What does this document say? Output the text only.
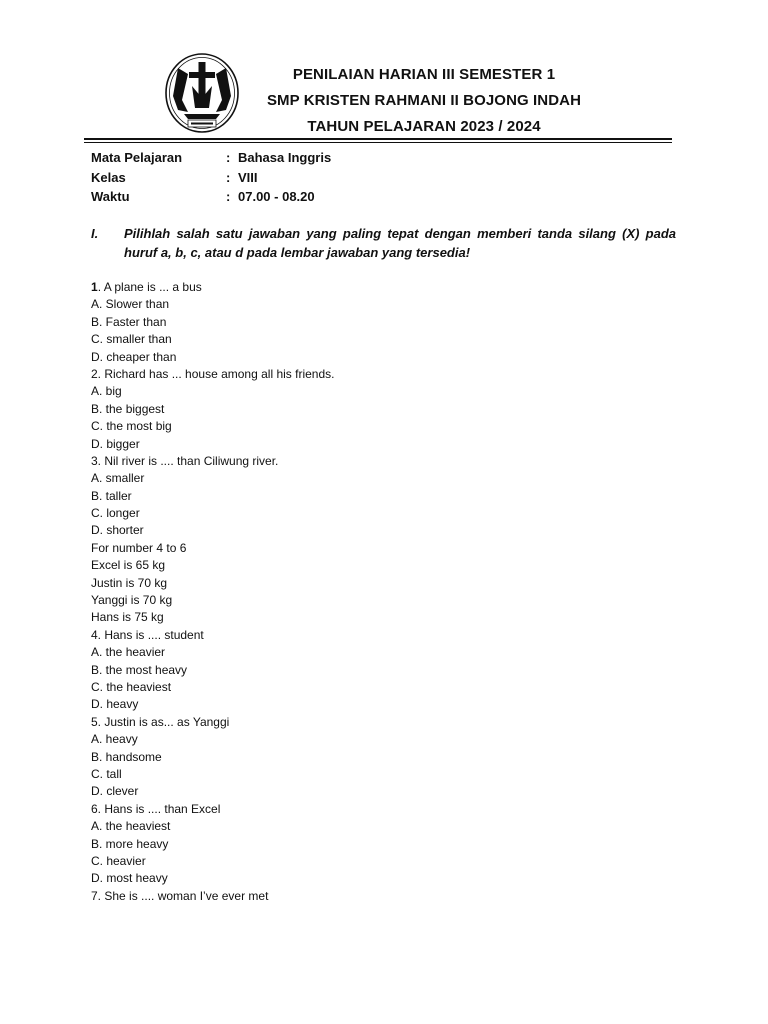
PENILAIAN HARIAN III SEMESTER 1
SMP KRISTEN RAHMANI II BOJONG INDAH
TAHUN PELAJARAN 2023 / 2024
Mata Pelajaran	: Bahasa Inggris
Kelas	: VIII
Waktu	: 07.00 - 08.20
I. Pilihlah salah satu jawaban yang paling tepat dengan memberi tanda silang (X) pada huruf a, b, c, atau d pada lembar jawaban yang tersedia!
1. A plane is ... a bus
A. Slower than
B. Faster than
C. smaller than
D. cheaper than
2. Richard has ... house among all his friends.
A. big
B. the biggest
C. the most big
D. bigger
3. Nil river is .... than Ciliwung river.
A. smaller
B. taller
C. longer
D. shorter
For number 4 to 6
Excel is 65 kg
Justin is 70 kg
Yanggi is 70 kg
Hans is 75 kg
4. Hans is .... student
A. the heavier
B. the most heavy
C. the heaviest
D. heavy
5. Justin is as... as Yanggi
A. heavy
B. handsome
C. tall
D. clever
6. Hans is .... than Excel
A. the heaviest
B. more heavy
C. heavier
D. most heavy
7. She is .... woman I’ve ever met
